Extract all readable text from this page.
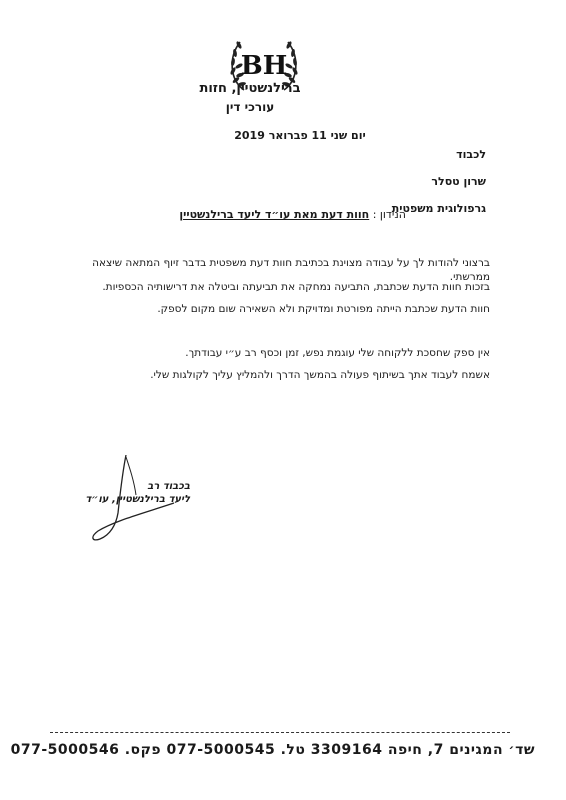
BH
ברילנשטיין, חזות
עורכי דין
יום שני 11 פברואר 2019
לכבוד
שרון טסלר
גרפולוגית משפטית
הנידון : חוות דעת מאת עו״ד ליעד ברילנשטיין
ברצוני להודות לך על עבודה מצוינת בכתיבת חוות דעת משפטית בדבר זיוף המתאה שיצאה ממרשתי.
בזכות חוות הדעת שכתבת, התביעה נמחקה את תביעתה וביטלה את דרישותיה הכספיות.
חוות הדעת שכתבת הייתה מפורטת ומדויקת ולא השאירה שום מקום לספק.
אין ספק שחסכת ללקוחה שלי עוגמת נפש, זמן וכסף רב ע״י עבודתך.
אשמח לעבוד אתך בשיתוף פעולה בהמשך הדרך ולהמליץ עליך לקולגות שלי.
בכבוד רב
ליעד ברילנשטיין, עו״ד
שד׳ המגינים 7, חיפה 3309164 טל. 077-5000545 פקס. 077-5000546
